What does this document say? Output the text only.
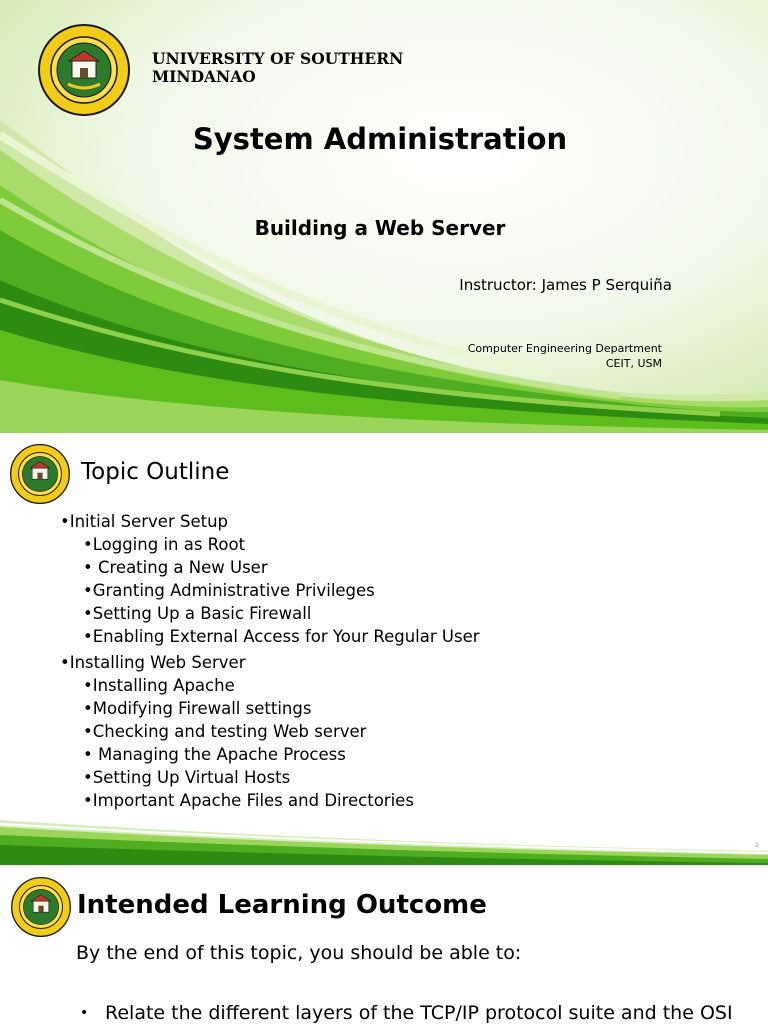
UNIVERSITY OF SOUTHERN MINDANAO
System Administration
Building a Web Server
Instructor: James P Serquiña
Computer Engineering Department
CEIT, USM
1
Topic Outline
•Initial Server Setup
•Logging in as Root
• Creating a New User
•Granting Administrative Privileges
•Setting Up a Basic Firewall
•Enabling External Access for Your Regular User
•Installing Web Server
•Installing Apache
•Modifying Firewall settings
•Checking and testing Web server
• Managing the Apache Process
•Setting Up Virtual Hosts
•Important Apache Files and Directories
2
Intended Learning Outcome
By the end of this topic, you should be able to:
• Relate the different layers of the TCP/IP protocol suite and the OSI
